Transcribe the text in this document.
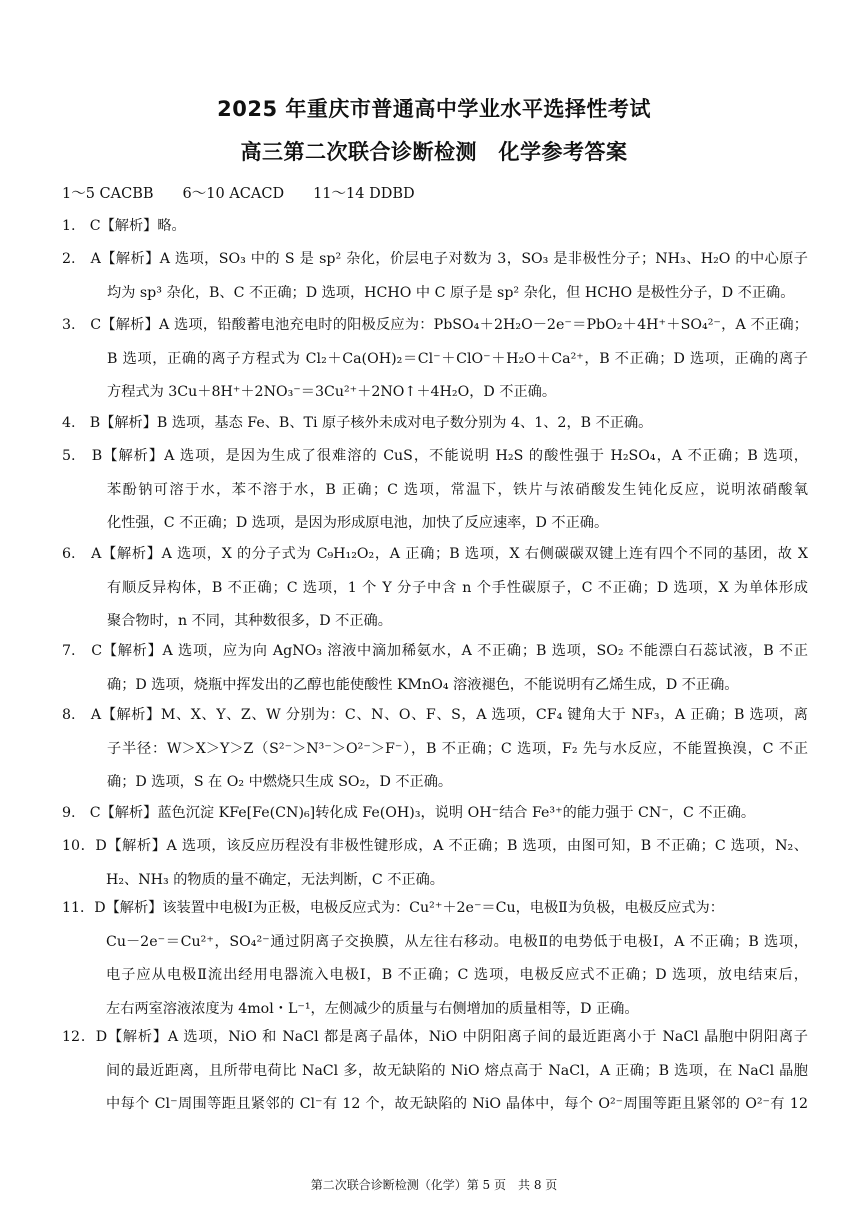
2025 年重庆市普通高中学业水平选择性考试
高三第二次联合诊断检测　化学参考答案
1～5 CACBB　　6～10 ACACD　　11～14 DDBD
1.　C【解析】略。
2.　A【解析】A 选项，SO₃ 中的 S 是 sp² 杂化，价层电子对数为 3，SO₃ 是非极性分子；NH₃、H₂O 的中心原子
均为 sp³ 杂化，B、C 不正确；D 选项，HCHO 中 C 原子是 sp² 杂化，但 HCHO 是极性分子，D 不正确。
3.　C【解析】A 选项，铅酸蓄电池充电时的阳极反应为：PbSO₄＋2H₂O－2e⁻＝PbO₂＋4H⁺＋SO₄²⁻，A 不正确；
B 选项，正确的离子方程式为 Cl₂＋Ca(OH)₂＝Cl⁻＋ClO⁻＋H₂O＋Ca²⁺，B 不正确；D 选项，正确的离子
方程式为 3Cu＋8H⁺＋2NO₃⁻＝3Cu²⁺＋2NO↑＋4H₂O，D 不正确。
4.　B【解析】B 选项，基态 Fe、B、Ti 原子核外未成对电子数分别为 4、1、2，B 不正确。
5.　B【解析】A 选项，是因为生成了很难溶的 CuS，不能说明 H₂S 的酸性强于 H₂SO₄，A 不正确；B 选项，
苯酚钠可溶于水，苯不溶于水，B 正确；C 选项，常温下，铁片与浓硝酸发生钝化反应，说明浓硝酸氧
化性强，C 不正确；D 选项，是因为形成原电池，加快了反应速率，D 不正确。
6.　A【解析】A 选项，X 的分子式为 C₉H₁₂O₂，A 正确；B 选项，X 右侧碳碳双键上连有四个不同的基团，故 X
有顺反异构体，B 不正确；C 选项，1 个 Y 分子中含 n 个手性碳原子，C 不正确；D 选项，X 为单体形成
聚合物时，n 不同，其种数很多，D 不正确。
7.　C【解析】A 选项，应为向 AgNO₃ 溶液中滴加稀氨水，A 不正确；B 选项，SO₂ 不能漂白石蕊试液，B 不正
确；D 选项，烧瓶中挥发出的乙醇也能使酸性 KMnO₄ 溶液褪色，不能说明有乙烯生成，D 不正确。
8.　A【解析】M、X、Y、Z、W 分别为：C、N、O、F、S，A 选项，CF₄ 键角大于 NF₃，A 正确；B 选项，离
子半径：W＞X＞Y＞Z（S²⁻＞N³⁻＞O²⁻＞F⁻），B 不正确；C 选项，F₂ 先与水反应，不能置换溴，C 不正
确；D 选项，S 在 O₂ 中燃烧只生成 SO₂，D 不正确。
9.　C【解析】蓝色沉淀 KFe[Fe(CN)₆]转化成 Fe(OH)₃，说明 OH⁻结合 Fe³⁺的能力强于 CN⁻，C 不正确。
10．D【解析】A 选项，该反应历程没有非极性键形成，A 不正确；B 选项，由图可知，B 不正确；C 选项，N₂、
H₂、NH₃ 的物质的量不确定，无法判断，C 不正确。
11．D【解析】该装置中电极Ⅰ为正极，电极反应式为：Cu²⁺＋2e⁻＝Cu，电极Ⅱ为负极，电极反应式为：
Cu－2e⁻＝Cu²⁺，SO₄²⁻通过阴离子交换膜，从左往右移动。电极Ⅱ的电势低于电极Ⅰ，A 不正确；B 选项，
电子应从电极Ⅱ流出经用电器流入电极Ⅰ，B 不正确；C 选项，电极反应式不正确；D 选项，放电结束后，
左右两室溶液浓度为 4mol・L⁻¹，左侧减少的质量与右侧增加的质量相等，D 正确。
12．D【解析】A 选项，NiO 和 NaCl 都是离子晶体，NiO 中阴阳离子间的最近距离小于 NaCl 晶胞中阴阳离子
间的最近距离，且所带电荷比 NaCl 多，故无缺陷的 NiO 熔点高于 NaCl，A 正确；B 选项，在 NaCl 晶胞
中每个 Cl⁻周围等距且紧邻的 Cl⁻有 12 个，故无缺陷的 NiO 晶体中，每个 O²⁻周围等距且紧邻的 O²⁻有 12
第二次联合诊断检测（化学）第 5 页　共 8 页
